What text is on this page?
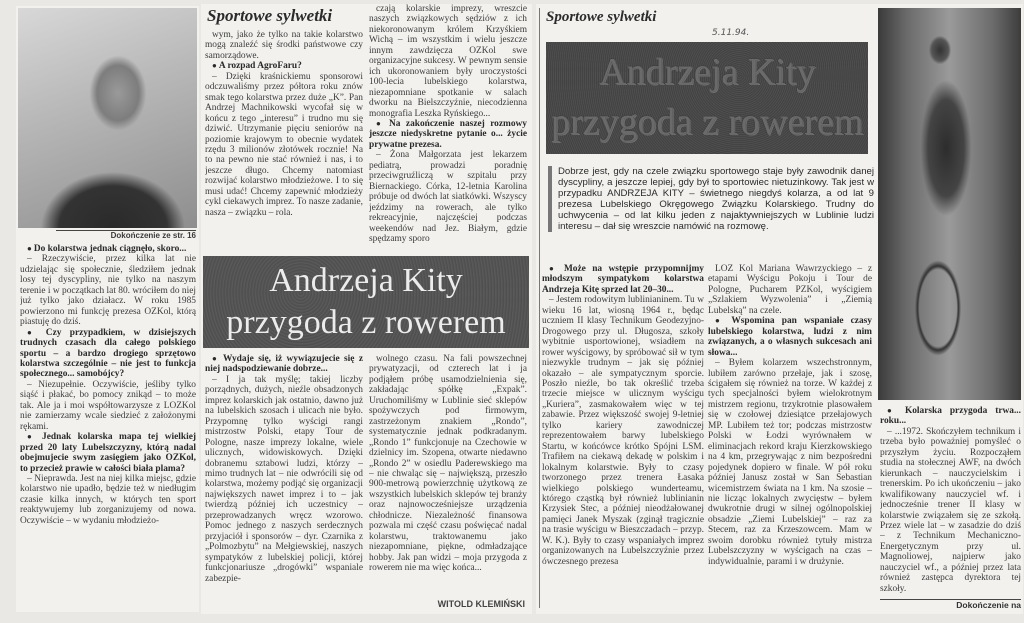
Dokończenie ze str. 16

● Do kolarstwa jednak ciągnęło, skoro...

– Rzeczywiście, przez kilka lat nie udzielając się społecznie, śledziłem jednak losy tej dyscypliny, nie tylko na naszym terenie i w początkach lat 80. wróciłem do niej już tylko jako działacz. W roku 1985 powierzono mi funkcję prezesa OZKol, którą piastuję do dziś.

● Czy przypadkiem, w dzisiejszych trudnych czasach dla całego polskiego sportu – a bardzo drogiego sprzętowo kolarstwa szczególnie – nie jest to funkcja społecznego... samobójcy?

– Niezupełnie. Oczywiście, jeśliby tylko siąść i płakać, bo pomocy znikąd – to może tak. Ale ja i moi współtowarzysze z LOZKol nie zamierzamy wcale siedzieć z założonymi rękami.

● Jednak kolarska mapa tej wielkiej przed 20 laty Lubelszczyzny, którą nadal obejmujecie swym zasięgiem jako OZKol, to przecież prawie w całości biała plama?

– Nieprawda. Jest na niej kilka miejsc, gdzie kolarstwo nie upadło, będzie też w niedługim czasie kilka innych, w których ten sport reaktywujemy lub zorganizujemy od nowa. Oczywiście – w wydaniu młodzieżo-

Sportowe sylwetki

wym, jako że tylko na takie kolarstwo mogą znaleźć się środki państwowe czy samorządowe.

● A rozpad AgroFaru?

– Dzięki kraśnickiemu sponsorowi odczuwaliśmy przez półtora roku znów smak tego kolarstwa przez duże „K”. Pan Andrzej Machnikowski wycofał się w końcu z tego „interesu” i trudno mu się dziwić. Utrzymanie pięciu seniorów na poziomie krajowym to obecnie wydatek rzędu 3 milionów złotówek rocznie! Na to na pewno nie stać również i nas, i to jeszcze długo. Chcemy natomiast rozwijać kolarstwo młodzieżowe. I to się musi udać! Chcemy zapewnić młodzieży cykl ciekawych imprez. To nasze zadanie, nasza – związku – rola.

czają kolarskie imprezy, wreszcie naszych związkowych sędziów z ich niekoronowanym królem Krzyśkiem Wichą – im wszystkim i wielu jeszcze innym zawdzięcza OZKol swe organizacyjne sukcesy. W pewnym sensie ich ukoronowaniem były uroczystości 100-lecia lubelskiego kolarstwa, niezapomniane spotkanie w salach dworku na Bielszczyźnie, niecodzienna monografia Leszka Ryńskiego...

● Na zakończenie naszej rozmowy jeszcze niedyskretne pytanie o... życie prywatne prezesa.

– Żona Małgorzata jest lekarzem pediatrą, prowadzi poradnię przeciwgruźliczą w szpitalu przy Biernackiego. Córka, 12-letnia Karolina próbuje od dwóch lat siatkówki. Wszyscy jeździmy na rowerach, ale tylko rekreacyjnie, najczęściej podczas weekendów nad Jez. Białym, gdzie spędzamy sporo

Andrzeja Kity
przygoda z rowerem

● Wydaje się, iż wywiązujecie się z niej nadspodziewanie dobrze...

– I ja tak myślę; takiej liczby porządnych, dużych, nieźle obsadzonych imprez kolarskich jak ostatnio, dawno już na lubelskich szosach i ulicach nie było. Przypomnę tylko wyścigi rangi mistrzostw Polski, etapy Tour de Pologne, nasze imprezy lokalne, wiele ulicznych, widowiskowych. Dzięki dobranemu sztabowi ludzi, którzy – mimo trudnych lat – nie odwrócili się od kolarstwa, możemy podjąć się organizacji największych nawet imprez i to – jak twierdzą później ich uczestnicy – przeprowadzanych wręcz wzorowo. Pomoc jednego z naszych serdecznych przyjaciół i sponsorów – dyr. Czarnika z „Polmozbytu” na Mełgiewskiej, naszych sympatyków z lubelskiej policji, której funkcjonariusze „drogówki” wspaniale zabezpie-

wolnego czasu. Na fali powszechnej prywatyzacji, od czterech lat i ja podjąłem próbę usamodzielnienia się, zakładając spółkę „Expak”. Uruchomiliśmy w Lublinie sieć sklepów spożywczych pod firmowym, zastrzeżonym znakiem „Rondo”, systematycznie jednak podkradanym. „Rondo 1” funkcjonuje na Czechowie w dzielnicy im. Szopena, otwarte niedawno „Rondo 2” w osiedlu Paderewskiego ma – nie chwaląc się – największą, przeszło 900-metrową powierzchnię użytkową ze wszystkich lubelskich sklepów tej branży oraz najnowocześniejsze urządzenia chłodnicze. Niezależność finansowa pozwala mi część czasu poświęcać nadal kolarstwu, traktowanemu jako niezapomniane, piękne, odmładzające hobby. Jak pan widzi – moja przygoda z rowerem nie ma więc końca...

WITOLD KLEMIŃSKI
Sportowe sylwetki
5.11.94.
Andrzeja Kity
przygoda z rowerem
Dobrze jest, gdy na czele związku sportowego staje były zawodnik danej dyscypliny, a jeszcze lepiej, gdy był to sportowiec nietuzinkowy. Tak jest w przypadku ANDRZEJA KITY – świetnego niegdyś kolarza, a od lat 9 prezesa Lubelskiego Okręgowego Związku Kolarskiego. Trudny do uchwycenia – od lat kilku jeden z najaktywniejszych w Lublinie ludzi interesu – dał się wreszcie namówić na rozmowę.

● Może na wstępie przypomnijmy młodszym sympatykom kolarstwa Andrzeja Kitę sprzed lat 20–30...

– Jestem rodowitym lublinianinem. Tu w wieku 16 lat, wiosną 1964 r., będąc uczniem II klasy Technikum Geodezyjno-Drogowego przy ul. Długosza, szkoły wybitnie usportowionej, wsiadłem na rower wyścigowy, by spróbować sił w tym niezwykle trudnym – jak się później okazało – ale sympatycznym sporcie. Poszło nieźle, bo tak określić trzeba trzecie miejsce w ulicznym wyścigu „Kuriera”, zasmakowałem więc w tej zabawie. Przez większość swojej 9-letniej tylko kariery zawodniczej reprezentowałem barwy lubelskiego Startu, w końcówce krótko Spójni LSM. Trafiłem na ciekawą dekadę w polskim i lokalnym kolarstwie. Były to czasy tworzonego przez trenera Łasaka wielkiego polskiego wunderteamu, którego cząstką był również lublinianin Krzysiek Stec, a później nieodżałowanej pamięci Janek Myszak (zginął tragicznie na trasie wyścigu w Bieszczadach – przyp. W. K.). Były to czasy wspaniałych imprez organizowanych na Lubelszczyźnie przez ówczesnego prezesa

LOZ Kol Mariana Wawrzyckiego – z etapami Wyścigu Pokoju i Tour de Pologne, Pucharem PZKol, wyścigiem „Szlakiem Wyzwolenia” i „Ziemią Lubelską” na czele.

● Wspomina pan wspaniałe czasy lubelskiego kolarstwa, ludzi z nim związanych, a o własnych sukcesach ani słowa...

– Byłem kolarzem wszechstronnym, lubiłem zarówno przełaje, jak i szosę, ścigałem się również na torze. W każdej z tych specjalności byłem wielokrotnym mistrzem regionu, trzykrotnie plasowałem się w czołowej dziesiątce przełajowych MP. Lubiłem też tor; podczas mistrzostw Polski w Łodzi wyrównałem w eliminacjach rekord kraju Kierzkowskiego na 4 km, przegrywając z nim bezpośredni pojedynek dopiero w finale. W pół roku później Janusz został w San Sebastian wicemistrzem świata na 1 km. Na szosie – nie licząc lokalnych zwycięstw – byłem dwukrotnie drugi w silnej ogólnopolskiej obsadzie „Ziemi Lubelskiej” – raz za Stecem, raz za Krzeszowcem. Mam w swoim dorobku również tytuły mistrza Lubelszczyzny w wyścigach na czas – indywidualnie, parami i w drużynie.

● Kolarska przygoda trwa... roku...

– ...1972. Skończyłem technikum i trzeba było poważniej pomyśleć o przyszłym życiu. Rozpocząłem studia na stołecznej AWF, na dwóch kierunkach – nauczycielskim i trenerskim. Po ich ukończeniu – jako kwalifikowany nauczyciel wf. i jednocześnie trener II klasy w kolarstwie związałem się ze szkołą. Przez wiele lat – w zasadzie do dziś – z Technikum Mechaniczno-Energetycznym przy ul. Magnoliowej, najpierw jako nauczyciel wf., a później przez lata również zastępca dyrektora tej szkoły.

Dokończenie na
